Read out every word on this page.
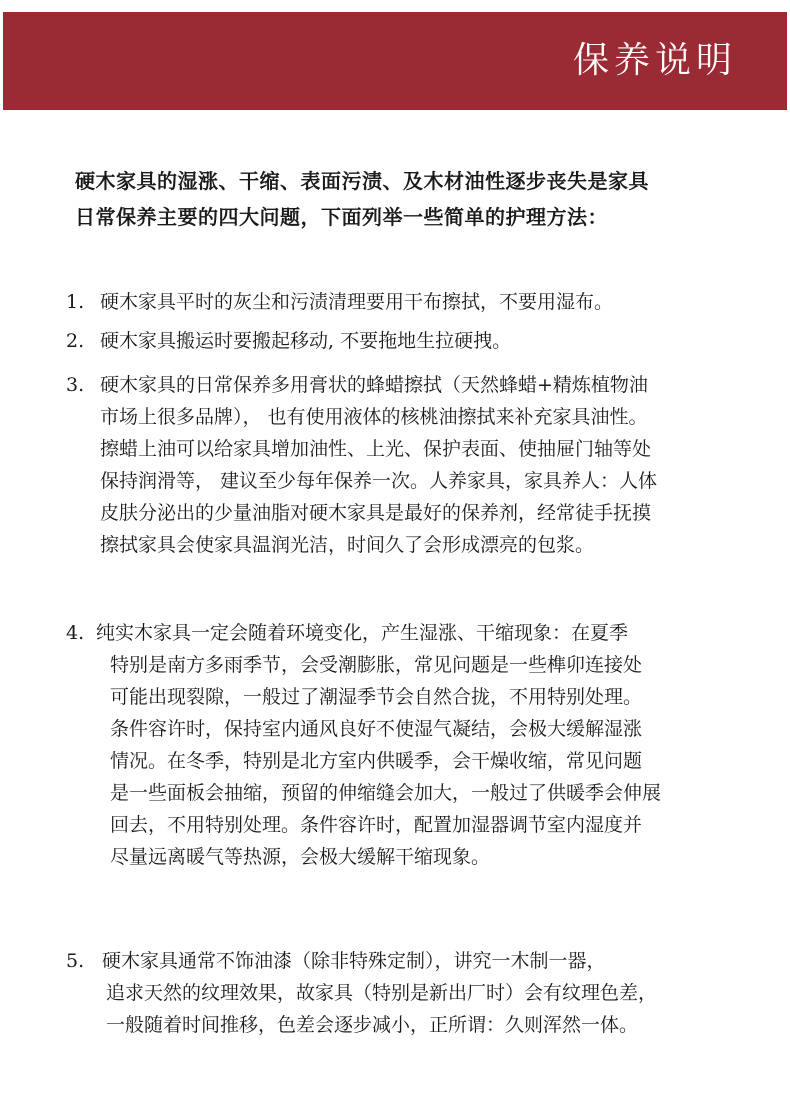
保养说明
硬木家具的湿涨、干缩、表面污渍、及木材油性逐步丧失是家具
日常保养主要的四大问题，下面列举一些简单的护理方法：
1. 硬木家具平时的灰尘和污渍清理要用干布擦拭，不要用湿布。
2. 硬木家具搬运时要搬起移动, 不要拖地生拉硬拽。
3. 硬木家具的日常保养多用膏状的蜂蜡擦拭（天然蜂蜡+精炼植物油
市场上很多品牌）， 也有使用液体的核桃油擦拭来补充家具油性。
擦蜡上油可以给家具增加油性、上光、保护表面、使抽屉门轴等处
保持润滑等， 建议至少每年保养一次。人养家具，家具养人：人体
皮肤分泌出的少量油脂对硬木家具是最好的保养剂，经常徒手抚摸
擦拭家具会使家具温润光洁，时间久了会形成漂亮的包浆。
4. 纯实木家具一定会随着环境变化，产生湿涨、干缩现象：在夏季
特别是南方多雨季节，会受潮膨胀，常见问题是一些榫卯连接处
可能出现裂隙，一般过了潮湿季节会自然合拢，不用特别处理。
条件容许时，保持室内通风良好不使湿气凝结，会极大缓解湿涨
情况。在冬季，特别是北方室内供暖季，会干燥收缩，常见问题
是一些面板会抽缩，预留的伸缩缝会加大，一般过了供暖季会伸展
回去，不用特别处理。条件容许时，配置加湿器调节室内湿度并
尽量远离暖气等热源，会极大缓解干缩现象。
5. 硬木家具通常不饰油漆（除非特殊定制），讲究一木制一器，
追求天然的纹理效果，故家具（特别是新出厂时）会有纹理色差，
一般随着时间推移，色差会逐步减小，正所谓：久则浑然一体。
